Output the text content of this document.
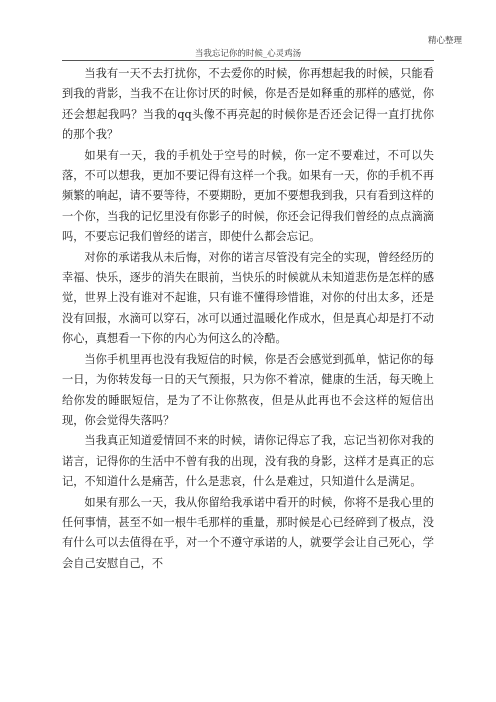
精心整理
当我忘记你的时候_心灵鸡汤

当我有一天不去打扰你，不去爱你的时候，你再想起我的时候，只能看到我的背影，当我不在让你讨厌的时候，你是否是如释重的那样的感觉，你还会想起我吗？当我的qq头像不再亮起的时候你是否还会记得一直打扰你的那个我？

如果有一天，我的手机处于空号的时候，你一定不要难过，不可以失落，不可以想我，更加不要记得有这样一个我。如果有一天，你的手机不再频繁的响起，请不要等待，不要期盼，更加不要想我到我，只有看到这样的一个你，当我的记忆里没有你影子的时候，你还会记得我们曾经的点点滴滴吗，不要忘记我们曾经的诺言，即使什么都会忘记。

对你的承诺我从未后悔，对你的诺言尽管没有完全的实现，曾经经历的幸福、快乐，逐步的消失在眼前，当快乐的时候就从未知道悲伤是怎样的感觉，世界上没有谁对不起谁，只有谁不懂得珍惜谁，对你的付出太多，还是没有回报，水滴可以穿石，冰可以通过温暖化作成水，但是真心却是打不动你心，真想看一下你的内心为何这么的冷酷。

当你手机里再也没有我短信的时候，你是否会感觉到孤单，惦记你的每一日，为你转发每一日的天气预报，只为你不着凉，健康的生活，每天晚上给你发的睡眠短信，是为了不让你熬夜，但是从此再也不会这样的短信出现，你会觉得失落吗？

当我真正知道爱情回不来的时候，请你记得忘了我，忘记当初你对我的诺言，记得你的生活中不曾有我的出现，没有我的身影，这样才是真正的忘记，不知道什么是痛苦，什么是悲哀，什么是难过，只知道什么是满足。

如果有那么一天，我从你留给我承诺中看开的时候，你将不是我心里的任何事情，甚至不如一根牛毛那样的重量，那时候是心已经碎到了极点，没有什么可以去值得在乎，对一个不遵守承诺的人，就要学会让自己死心，学会自己安慰自己，不
